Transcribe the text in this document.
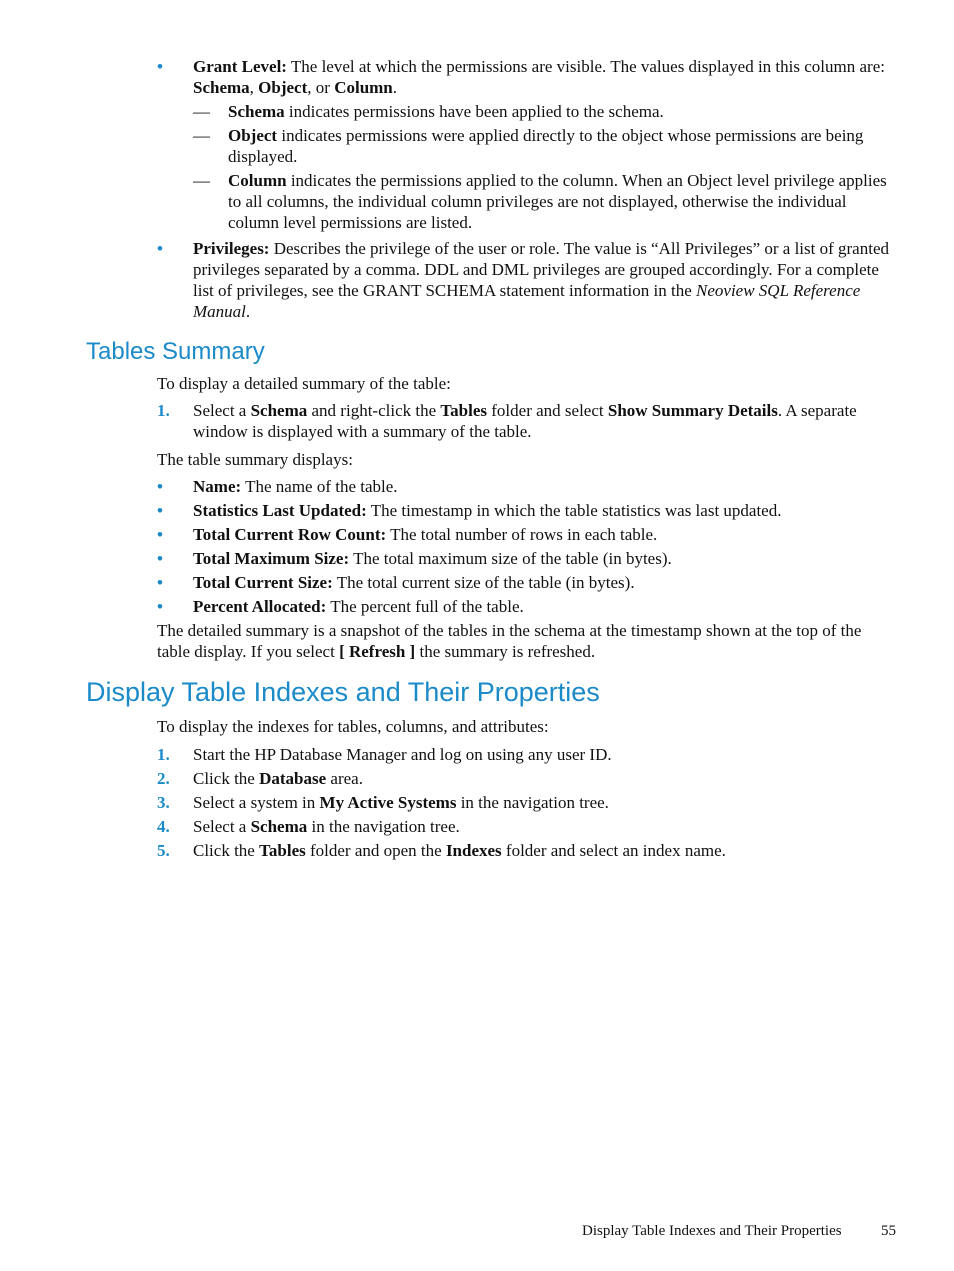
• Grant Level: The level at which the permissions are visible. The values displayed in this column are: Schema, Object, or Column.
— Schema indicates permissions have been applied to the schema.
— Object indicates permissions were applied directly to the object whose permissions are being displayed.
— Column indicates the permissions applied to the column. When an Object level privilege applies to all columns, the individual column privileges are not displayed, otherwise the individual column level permissions are listed.
• Privileges: Describes the privilege of the user or role. The value is “All Privileges” or a list of granted privileges separated by a comma. DDL and DML privileges are grouped accordingly. For a complete list of privileges, see the GRANT SCHEMA statement information in the Neoview SQL Reference Manual.
Tables Summary
To display a detailed summary of the table:
1. Select a Schema and right-click the Tables folder and select Show Summary Details. A separate window is displayed with a summary of the table.
The table summary displays:
• Name: The name of the table.
• Statistics Last Updated: The timestamp in which the table statistics was last updated.
• Total Current Row Count: The total number of rows in each table.
• Total Maximum Size: The total maximum size of the table (in bytes).
• Total Current Size: The total current size of the table (in bytes).
• Percent Allocated: The percent full of the table.
The detailed summary is a snapshot of the tables in the schema at the timestamp shown at the top of the table display. If you select [ Refresh ] the summary is refreshed.
Display Table Indexes and Their Properties
To display the indexes for tables, columns, and attributes:
1. Start the HP Database Manager and log on using any user ID.
2. Click the Database area.
3. Select a system in My Active Systems in the navigation tree.
4. Select a Schema in the navigation tree.
5. Click the Tables folder and open the Indexes folder and select an index name.
Display Table Indexes and Their Properties	55
